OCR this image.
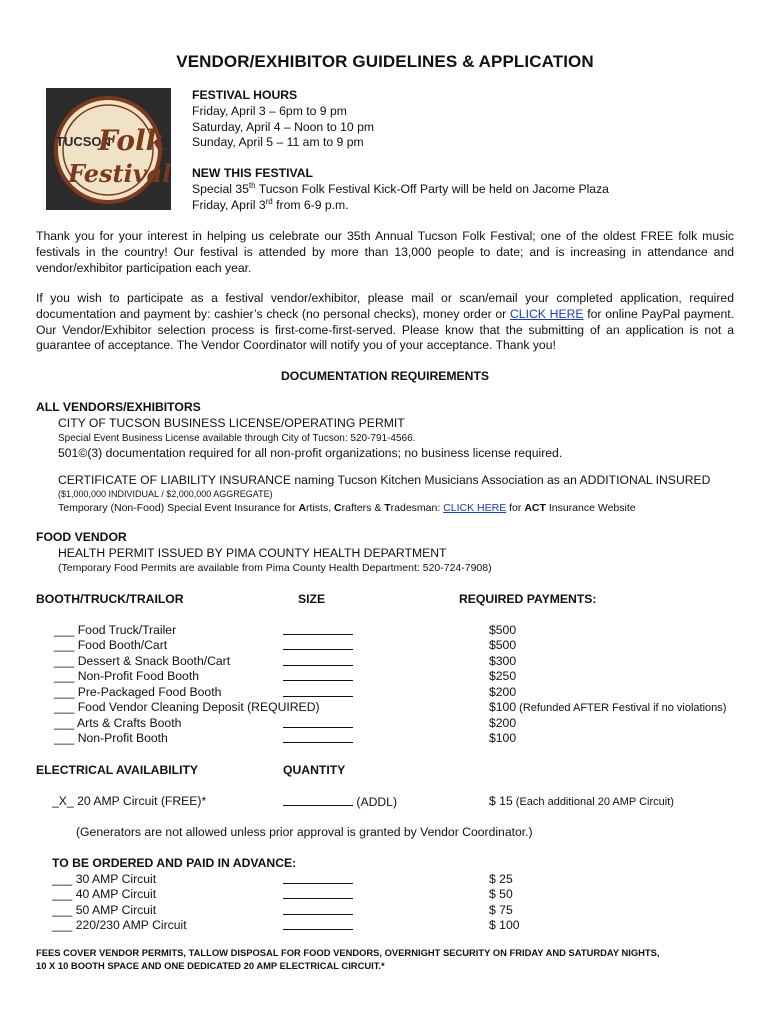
VENDOR/EXHIBITOR GUIDELINES & APPLICATION
TUCSON
Folk
Festival
FESTIVAL HOURS
Friday, April 3 – 6pm to 9 pm
Saturday, April 4 – Noon to 10 pm
Sunday, April 5 – 11 am to 9 pm
NEW THIS FESTIVAL
Special 35th Tucson Folk Festival Kick-Off Party will be held on Jacome Plaza
Friday, April 3rd from 6-9 p.m.
Thank you for your interest in helping us celebrate our 35th Annual Tucson Folk Festival; one of the oldest FREE folk music festivals in the country! Our festival is attended by more than 13,000 people to date; and is increasing in attendance and vendor/exhibitor participation each year.
If you wish to participate as a festival vendor/exhibitor, please mail or scan/email your completed application, required documentation and payment by: cashier’s check (no personal checks), money order or CLICK HERE for online PayPal payment. Our Vendor/Exhibitor selection process is first-come-first-served. Please know that the submitting of an application is not a guarantee of acceptance. The Vendor Coordinator will notify you of your acceptance. Thank you!
DOCUMENTATION REQUIREMENTS
ALL VENDORS/EXHIBITORS
CITY OF TUCSON BUSINESS LICENSE/OPERATING PERMIT
Special Event Business License available through City of Tucson: 520-791-4566.
501©(3) documentation required for all non-profit organizations; no business license required.
CERTIFICATE OF LIABILITY INSURANCE naming Tucson Kitchen Musicians Association as an ADDITIONAL INSURED
($1,000,000 INDIVIDUAL / $2,000,000 AGGREGATE)
Temporary (Non-Food) Special Event Insurance for Artists, Crafters & Tradesman: CLICK HERE for ACT Insurance Website
FOOD VENDOR
HEALTH PERMIT ISSUED BY PIMA COUNTY HEALTH DEPARTMENT
(Temporary Food Permits are available from Pima County Health Department: 520-724-7908)
BOOTH/TRUCK/TRAILOR	SIZE	REQUIRED PAYMENTS:
___ Food Truck/Trailer	$500
___ Food Booth/Cart	$500
___ Dessert & Snack Booth/Cart	$300
___ Non-Profit Food Booth	$250
___ Pre-Packaged Food Booth	$200
___ Food Vendor Cleaning Deposit (REQUIRED)	$100 (Refunded AFTER Festival if no violations)
___ Arts & Crafts Booth	$200
___ Non-Profit Booth	$100
ELECTRICAL AVAILABILITY	QUANTITY
_X_ 20 AMP Circuit (FREE)*	(ADDL)	$ 15 (Each additional 20 AMP Circuit)
(Generators are not allowed unless prior approval is granted by Vendor Coordinator.)
TO BE ORDERED AND PAID IN ADVANCE:
___ 30 AMP Circuit	$ 25
___ 40 AMP Circuit	$ 50
___ 50 AMP Circuit	$ 75
___ 220/230 AMP Circuit	$ 100
FEES COVER VENDOR PERMITS, TALLOW DISPOSAL FOR FOOD VENDORS, OVERNIGHT SECURITY ON FRIDAY AND SATURDAY NIGHTS,
10 X 10 BOOTH SPACE AND ONE DEDICATED 20 AMP ELECTRICAL CIRCUIT.*
